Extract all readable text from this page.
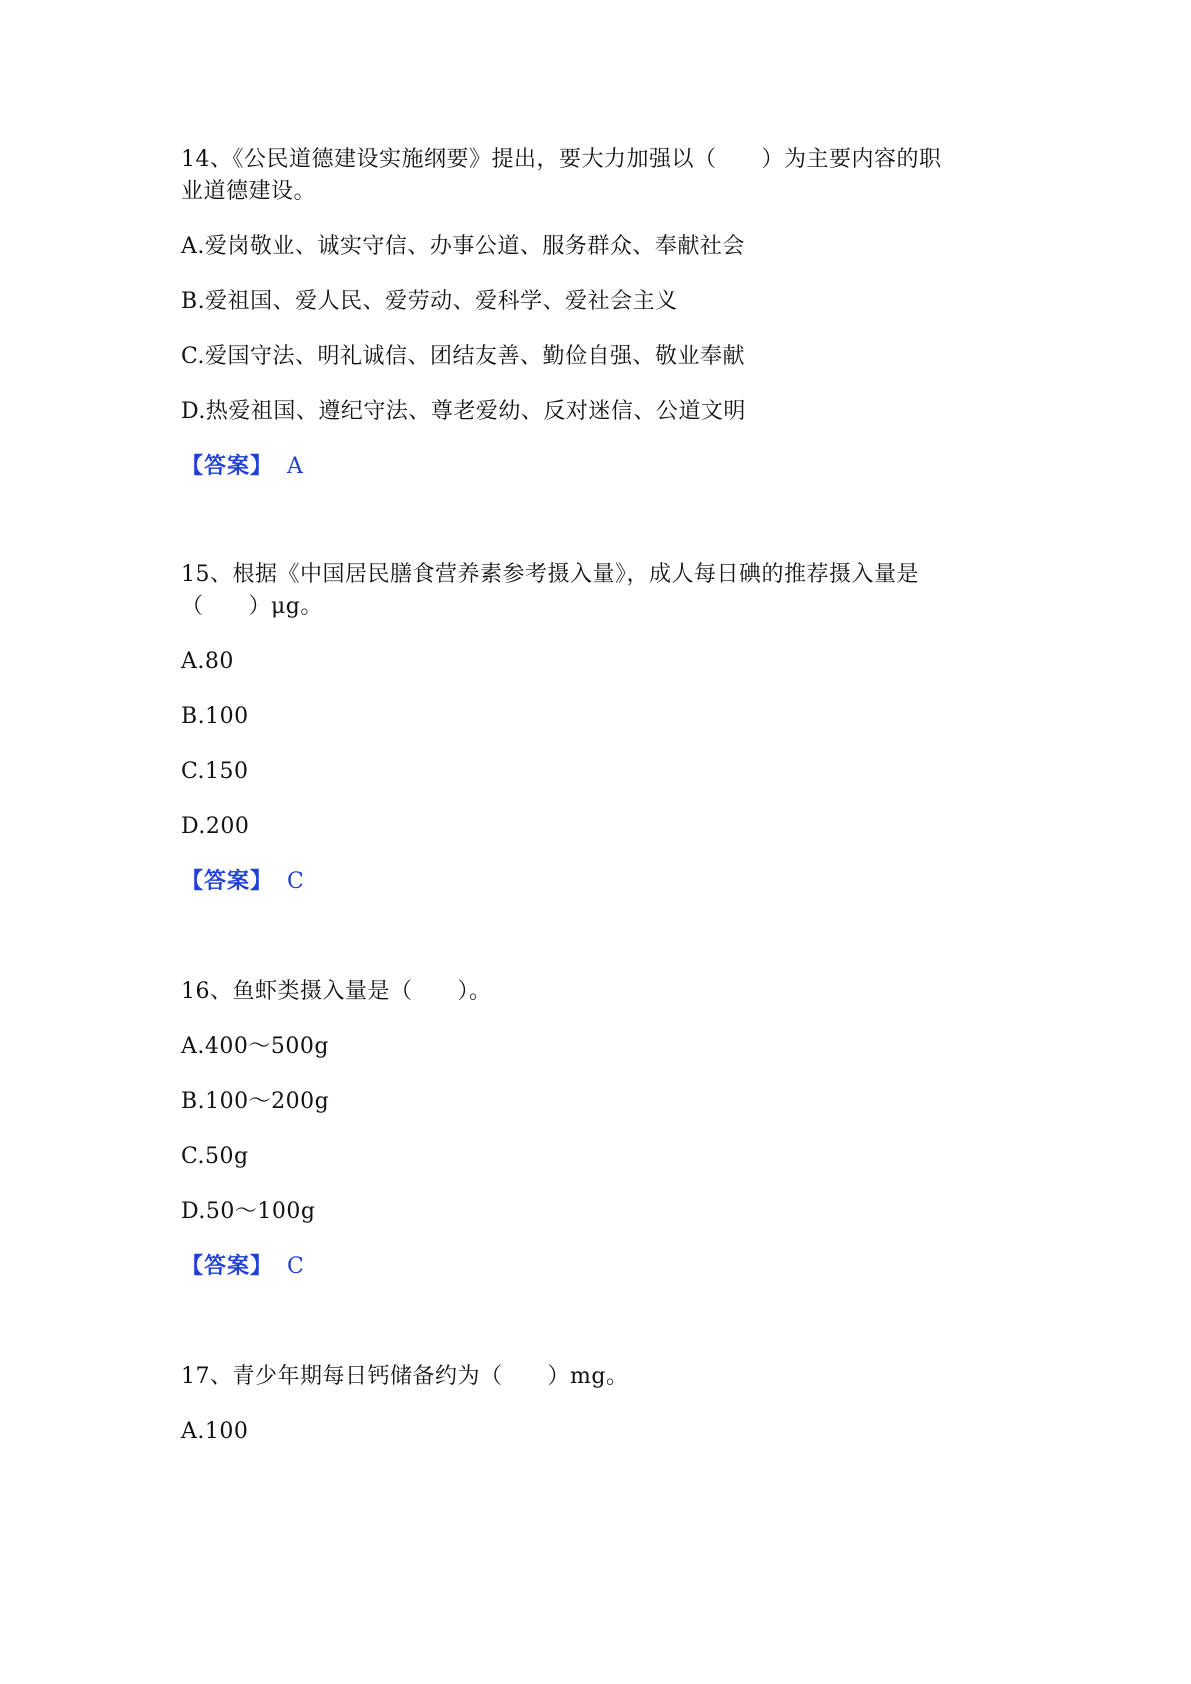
14、《公民道德建设实施纲要》提出，要大力加强以（　　）为主要内容的职
业道德建设。
A.爱岗敬业、诚实守信、办事公道、服务群众、奉献社会
B.爱祖国、爱人民、爱劳动、爱科学、爱社会主义
C.爱国守法、明礼诚信、团结友善、勤俭自强、敬业奉献
D.热爱祖国、遵纪守法、尊老爱幼、反对迷信、公道文明
【答案】 A
15、根据《中国居民膳食营养素参考摄入量》，成人每日碘的推荐摄入量是
（　　）μg。
A.80
B.100
C.150
D.200
【答案】 C
16、鱼虾类摄入量是（　　）。
A.400～500g
B.100～200g
C.50g
D.50～100g
【答案】 C
17、青少年期每日钙储备约为（　　）mg。
A.100
